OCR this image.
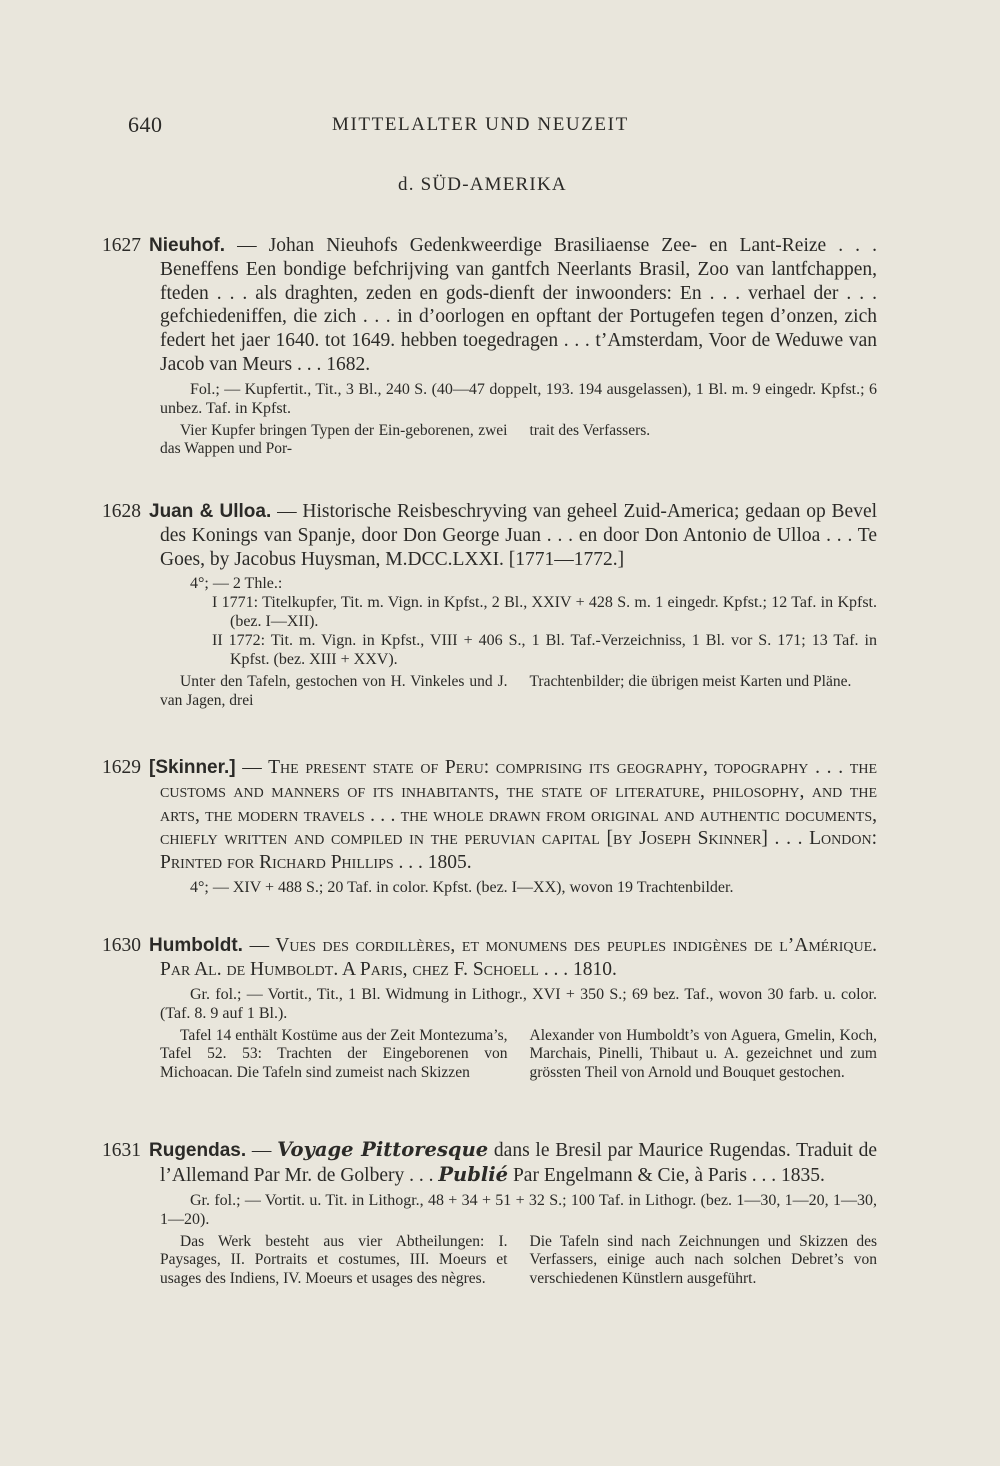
640	MITTELALTER UND NEUZEIT
d. SÜD-AMERIKA
1627 Nieuhof. — Johan Nieuhofs Gedenkweerdige Brasiliaense Zee- en Lant-Reize . . . Beneffens Een bondige befchrijving van gantfch Neerlants Brasil, Zoo van lantfchappen, fteden . . . als draghten, zeden en gods-dienft der inwoonders: En . . . verhael der . . . gefchiedeniffen, die zich . . . in d’oorlogen en opftant der Portugefen tegen d’onzen, zich federt het jaer 1640. tot 1649. hebben toegedragen . . . t’Amsterdam, Voor de Weduwe van Jacob van Meurs . . . 1682.
Fol.; — Kupfertit., Tit., 3 Bl., 240 S. (40—47 doppelt, 193. 194 ausgelassen), 1 Bl. m. 9 eingedr. Kpfst.; 6 unbez. Taf. in Kpfst.

Vier Kupfer bringen Typen der Ein-geborenen, zwei das Wappen und Por-

trait des Verfassers.

1628 Juan & Ulloa. — Historische Reisbeschryving van geheel Zuid-America; gedaan op Bevel des Konings van Spanje, door Don George Juan . . . en door Don Antonio de Ulloa . . . Te Goes, by Jacobus Huysman, M.DCC.LXXI. [1771—1772.]
4°; — 2 Thle.:
I 1771: Titelkupfer, Tit. m. Vign. in Kpfst., 2 Bl., XXIV + 428 S. m. 1 eingedr. Kpfst.; 12 Taf. in Kpfst. (bez. I—XII).
II 1772: Tit. m. Vign. in Kpfst., VIII + 406 S., 1 Bl. Taf.-Verzeichniss, 1 Bl. vor S. 171; 13 Taf. in Kpfst. (bez. XIII + XXV).

Unter den Tafeln, gestochen von H. Vinkeles und J. van Jagen, drei

Trachtenbilder; die übrigen meist Karten und Pläne.

1629 [Skinner.] — The present state of Peru: comprising its geography, topography . . . the customs and manners of its inhabitants, the state of literature, philosophy, and the arts, the modern travels . . . the whole drawn from original and authentic documents, chiefly written and compiled in the peruvian capital [by Joseph Skinner] . . . London: Printed for Richard Phillips . . . 1805.
4°; — XIV + 488 S.; 20 Taf. in color. Kpfst. (bez. I—XX), wovon 19 Trachtenbilder.
1630 Humboldt. — Vues des cordillères, et monumens des peuples indigènes de l’Amérique. Par Al. de Humboldt. A Paris, chez F. Schoell . . . 1810.
Gr. fol.; — Vortit., Tit., 1 Bl. Widmung in Lithogr., XVI + 350 S.; 69 bez. Taf., wovon 30 farb. u. color. (Taf. 8. 9 auf 1 Bl.).

Tafel 14 enthält Kostüme aus der Zeit Montezuma’s, Tafel 52. 53: Trachten der Eingeborenen von Michoacan. Die Tafeln sind zumeist nach Skizzen

Alexander von Humboldt’s von Aguera, Gmelin, Koch, Marchais, Pinelli, Thibaut u. A. gezeichnet und zum grössten Theil von Arnold und Bouquet gestochen.

1631 Rugendas. — Voyage Pittoresque dans le Bresil par Maurice Rugendas. Traduit de l’Allemand Par Mr. de Golbery . . . Publié Par Engelmann & Cie, à Paris . . . 1835.
Gr. fol.; — Vortit. u. Tit. in Lithogr., 48 + 34 + 51 + 32 S.; 100 Taf. in Lithogr. (bez. 1—30, 1—20, 1—30, 1—20).

Das Werk besteht aus vier Abtheilungen: I. Paysages, II. Portraits et costumes, III. Moeurs et usages des Indiens, IV. Moeurs et usages des nègres.

Die Tafeln sind nach Zeichnungen und Skizzen des Verfassers, einige auch nach solchen Debret’s von verschiedenen Künstlern ausgeführt.
